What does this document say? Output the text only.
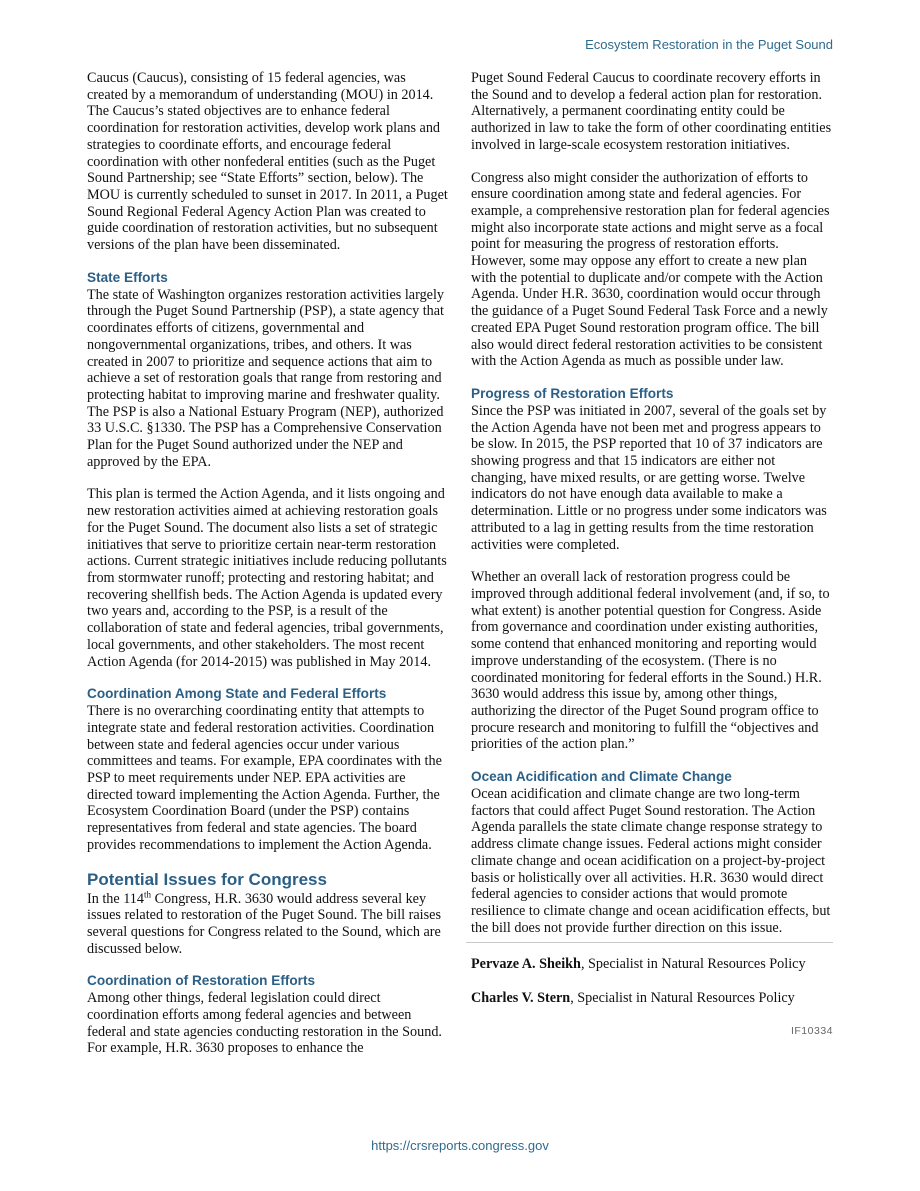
Ecosystem Restoration in the Puget Sound

Caucus (Caucus), consisting of 15 federal agencies, was created by a memorandum of understanding (MOU) in 2014. The Caucus’s stated objectives are to enhance federal coordination for restoration activities, develop work plans and strategies to coordinate efforts, and encourage federal coordination with other nonfederal entities (such as the Puget Sound Partnership; see “State Efforts” section, below). The MOU is currently scheduled to sunset in 2017. In 2011, a Puget Sound Regional Federal Agency Action Plan was created to guide coordination of restoration activities, but no subsequent versions of the plan have been disseminated.

State Efforts

The state of Washington organizes restoration activities largely through the Puget Sound Partnership (PSP), a state agency that coordinates efforts of citizens, governmental and nongovernmental organizations, tribes, and others. It was created in 2007 to prioritize and sequence actions that aim to achieve a set of restoration goals that range from restoring and protecting habitat to improving marine and freshwater quality. The PSP is also a National Estuary Program (NEP), authorized 33 U.S.C. §1330. The PSP has a Comprehensive Conservation Plan for the Puget Sound authorized under the NEP and approved by the EPA.

This plan is termed the Action Agenda, and it lists ongoing and new restoration activities aimed at achieving restoration goals for the Puget Sound. The document also lists a set of strategic initiatives that serve to prioritize certain near-term restoration actions. Current strategic initiatives include reducing pollutants from stormwater runoff; protecting and restoring habitat; and recovering shellfish beds. The Action Agenda is updated every two years and, according to the PSP, is a result of the collaboration of state and federal agencies, tribal governments, local governments, and other stakeholders. The most recent Action Agenda (for 2014-2015) was published in May 2014.

Coordination Among State and Federal Efforts

There is no overarching coordinating entity that attempts to integrate state and federal restoration activities. Coordination between state and federal agencies occur under various committees and teams. For example, EPA coordinates with the PSP to meet requirements under NEP. EPA activities are directed toward implementing the Action Agenda. Further, the Ecosystem Coordination Board (under the PSP) contains representatives from federal and state agencies. The board provides recommendations to implement the Action Agenda.

Potential Issues for Congress

In the 114th Congress, H.R. 3630 would address several key issues related to restoration of the Puget Sound. The bill raises several questions for Congress related to the Sound, which are discussed below.

Coordination of Restoration Efforts

Among other things, federal legislation could direct coordination efforts among federal agencies and between federal and state agencies conducting restoration in the Sound. For example, H.R. 3630 proposes to enhance the

Puget Sound Federal Caucus to coordinate recovery efforts in the Sound and to develop a federal action plan for restoration. Alternatively, a permanent coordinating entity could be authorized in law to take the form of other coordinating entities involved in large-scale ecosystem restoration initiatives.

Congress also might consider the authorization of efforts to ensure coordination among state and federal agencies. For example, a comprehensive restoration plan for federal agencies might also incorporate state actions and might serve as a focal point for measuring the progress of restoration efforts. However, some may oppose any effort to create a new plan with the potential to duplicate and/or compete with the Action Agenda. Under H.R. 3630, coordination would occur through the guidance of a Puget Sound Federal Task Force and a newly created EPA Puget Sound restoration program office. The bill also would direct federal restoration activities to be consistent with the Action Agenda as much as possible under law.

Progress of Restoration Efforts

Since the PSP was initiated in 2007, several of the goals set by the Action Agenda have not been met and progress appears to be slow. In 2015, the PSP reported that 10 of 37 indicators are showing progress and that 15 indicators are either not changing, have mixed results, or are getting worse. Twelve indicators do not have enough data available to make a determination. Little or no progress under some indicators was attributed to a lag in getting results from the time restoration activities were completed.

Whether an overall lack of restoration progress could be improved through additional federal involvement (and, if so, to what extent) is another potential question for Congress. Aside from governance and coordination under existing authorities, some contend that enhanced monitoring and reporting would improve understanding of the ecosystem. (There is no coordinated monitoring for federal efforts in the Sound.) H.R. 3630 would address this issue by, among other things, authorizing the director of the Puget Sound program office to procure research and monitoring to fulfill the “objectives and priorities of the action plan.”

Ocean Acidification and Climate Change

Ocean acidification and climate change are two long-term factors that could affect Puget Sound restoration. The Action Agenda parallels the state climate change response strategy to address climate change issues. Federal actions might consider climate change and ocean acidification on a project-by-project basis or holistically over all activities. H.R. 3630 would direct federal agencies to consider actions that would promote resilience to climate change and ocean acidification effects, but the bill does not provide further direction on this issue.

Pervaze A. Sheikh, Specialist in Natural Resources Policy

Charles V. Stern, Specialist in Natural Resources Policy

IF10334
https://crsreports.congress.gov
